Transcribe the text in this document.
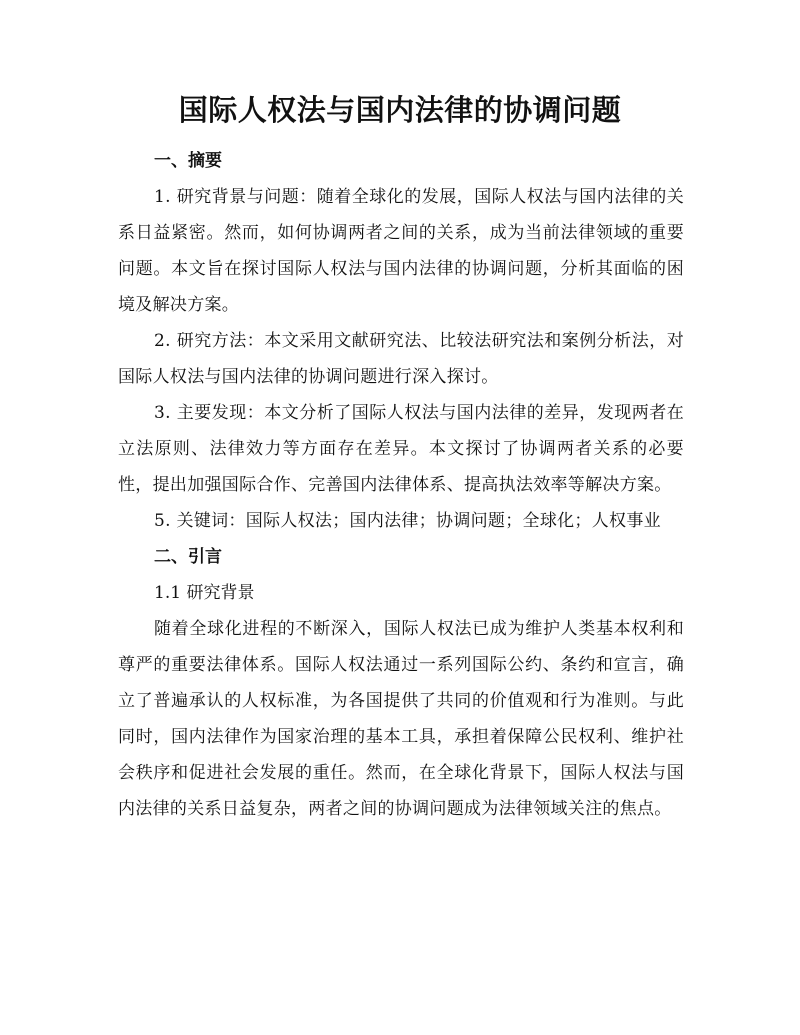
国际人权法与国内法律的协调问题
一、摘要

1. 研究背景与问题：随着全球化的发展，国际人权法与国内法律的关系日益紧密。然而，如何协调两者之间的关系，成为当前法律领域的重要问题。本文旨在探讨国际人权法与国内法律的协调问题，分析其面临的困境及解决方案。

2. 研究方法：本文采用文献研究法、比较法研究法和案例分析法，对国际人权法与国内法律的协调问题进行深入探讨。

3. 主要发现：本文分析了国际人权法与国内法律的差异，发现两者在立法原则、法律效力等方面存在差异。本文探讨了协调两者关系的必要性，提出加强国际合作、完善国内法律体系、提高执法效率等解决方案。

5. 关键词：国际人权法；国内法律；协调问题；全球化；人权事业

二、引言

1.1 研究背景

随着全球化进程的不断深入，国际人权法已成为维护人类基本权利和尊严的重要法律体系。国际人权法通过一系列国际公约、条约和宣言，确立了普遍承认的人权标准，为各国提供了共同的价值观和行为准则。与此同时，国内法律作为国家治理的基本工具，承担着保障公民权利、维护社会秩序和促进社会发展的重任。然而，在全球化背景下，国际人权法与国内法律的关系日益复杂，两者之间的协调问题成为法律领域关注的焦点。
